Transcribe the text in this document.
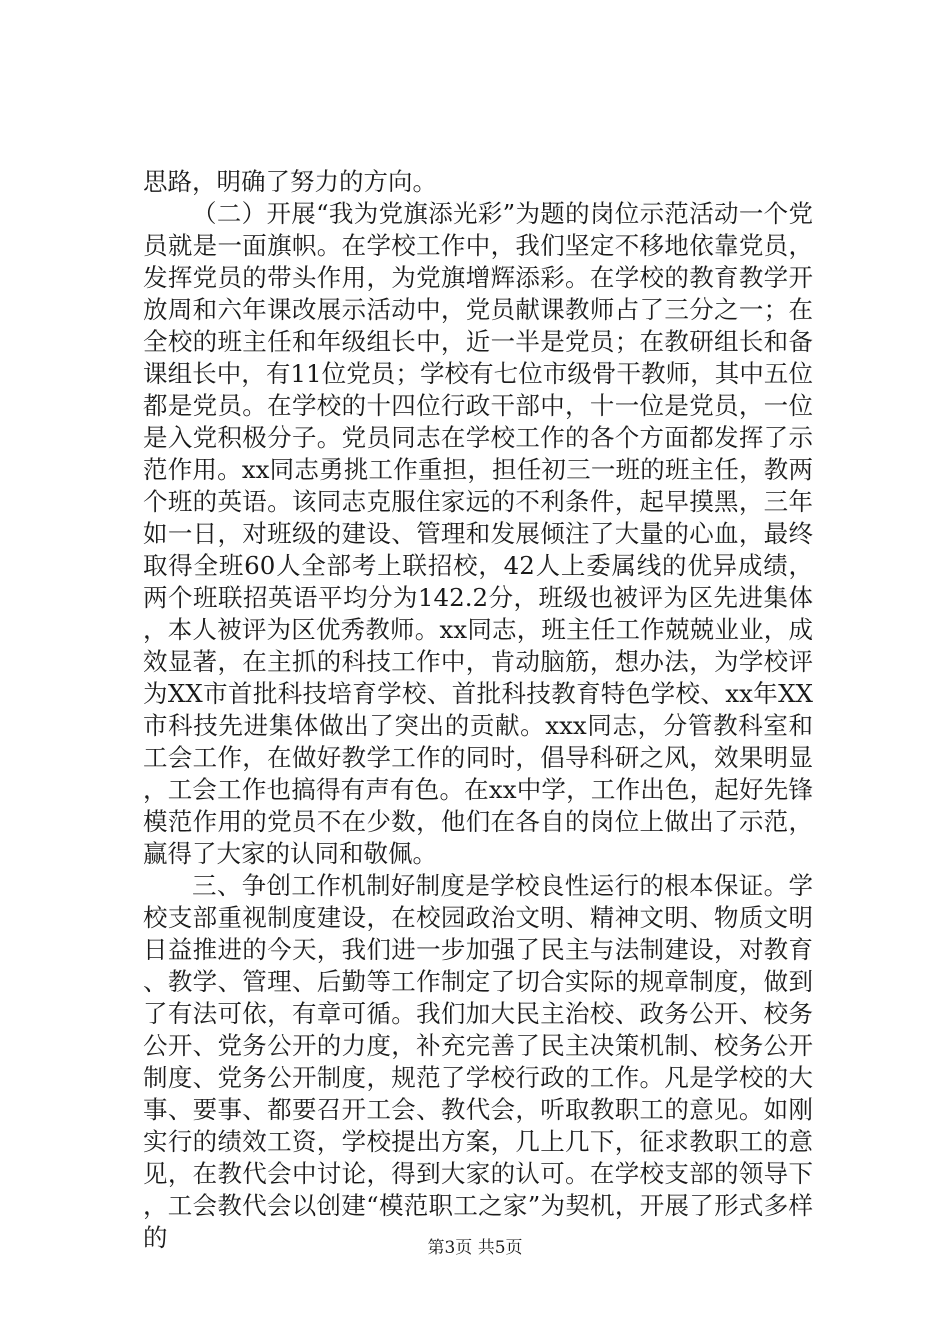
思路，明确了努力的方向。

（二）开展“我为党旗添光彩”为题的岗位示范活动一个党员就是一面旗帜。在学校工作中，我们坚定不移地依靠党员，发挥党员的带头作用，为党旗增辉添彩。在学校的教育教学开放周和六年课改展示活动中，党员献课教师占了三分之一；在全校的班主任和年级组长中，近一半是党员；在教研组长和备课组长中，有11位党员；学校有七位市级骨干教师，其中五位都是党员。在学校的十四位行政干部中，十一位是党员，一位是入党积极分子。党员同志在学校工作的各个方面都发挥了示范作用。xx同志勇挑工作重担，担任初三一班的班主任，教两个班的英语。该同志克服住家远的不利条件，起早摸黑，三年如一日，对班级的建设、管理和发展倾注了大量的心血，最终取得全班60人全部考上联招校，42人上委属线的优异成绩，两个班联招英语平均分为142.2分，班级也被评为区先进集体，本人被评为区优秀教师。xx同志，班主任工作兢兢业业，成效显著，在主抓的科技工作中，肯动脑筋，想办法，为学校评为XX市首批科技培育学校、首批科技教育特色学校、xx年XX市科技先进集体做出了突出的贡献。xxx同志，分管教科室和工会工作，在做好教学工作的同时，倡导科研之风，效果明显，工会工作也搞得有声有色。在xx中学，工作出色，起好先锋模范作用的党员不在少数，他们在各自的岗位上做出了示范，赢得了大家的认同和敬佩。

三、争创工作机制好制度是学校良性运行的根本保证。学校支部重视制度建设，在校园政治文明、精神文明、物质文明日益推进的今天，我们进一步加强了民主与法制建设，对教育、教学、管理、后勤等工作制定了切合实际的规章制度，做到了有法可依，有章可循。我们加大民主治校、政务公开、校务公开、党务公开的力度，补充完善了民主决策机制、校务公开制度、党务公开制度，规范了学校行政的工作。凡是学校的大事、要事、都要召开工会、教代会，听取教职工的意见。如刚实行的绩效工资，学校提出方案，几上几下，征求教职工的意见，在教代会中讨论，得到大家的认可。在学校支部的领导下，工会教代会以创建“模范职工之家”为契机，开展了形式多样的	第3页 共5页
